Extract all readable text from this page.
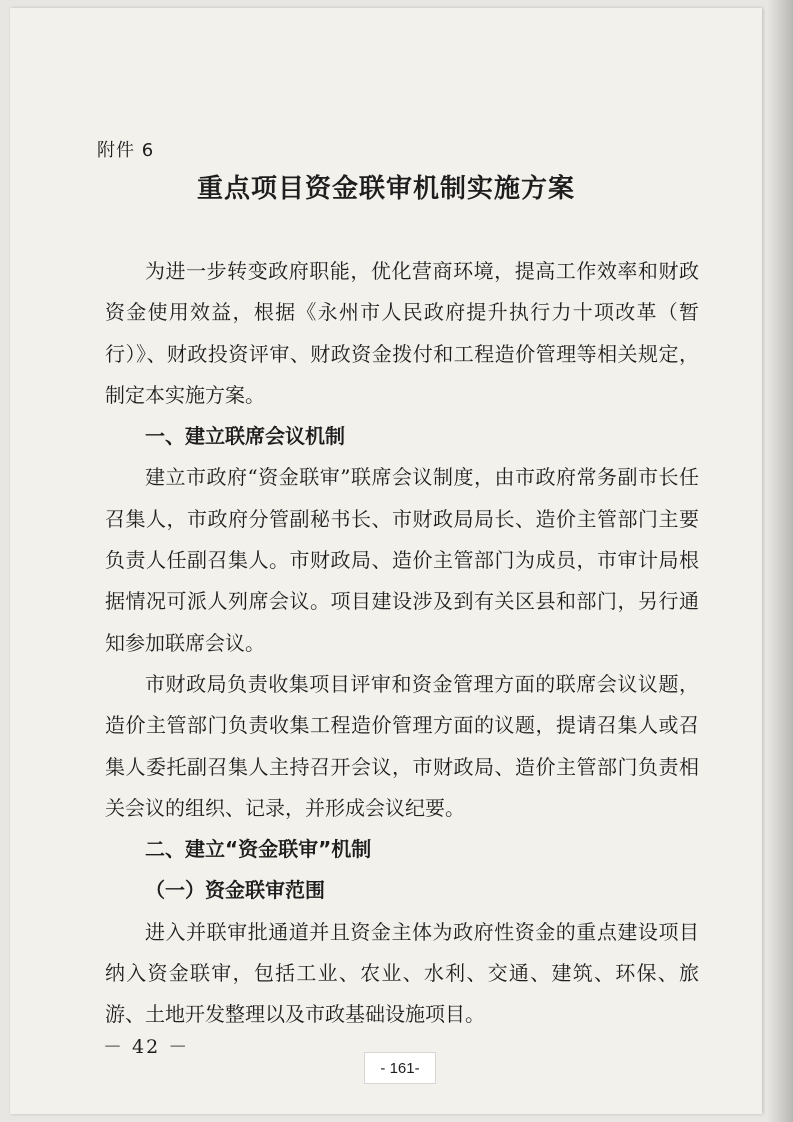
附件 6
重点项目资金联审机制实施方案

为进一步转变政府职能，优化营商环境，提高工作效率和财政资金使用效益，根据《永州市人民政府提升执行力十项改革（暂行）》、财政投资评审、财政资金拨付和工程造价管理等相关规定，制定本实施方案。

一、建立联席会议机制

建立市政府“资金联审”联席会议制度，由市政府常务副市长任召集人，市政府分管副秘书长、市财政局局长、造价主管部门主要负责人任副召集人。市财政局、造价主管部门为成员，市审计局根据情况可派人列席会议。项目建设涉及到有关区县和部门，另行通知参加联席会议。

市财政局负责收集项目评审和资金管理方面的联席会议议题，造价主管部门负责收集工程造价管理方面的议题，提请召集人或召集人委托副召集人主持召开会议，市财政局、造价主管部门负责相关会议的组织、记录，并形成会议纪要。

二、建立“资金联审”机制

（一）资金联审范围

进入并联审批通道并且资金主体为政府性资金的重点建设项目纳入资金联审，包括工业、农业、水利、交通、建筑、环保、旅游、土地开发整理以及市政基础设施项目。

－ 42 －
- 161-
